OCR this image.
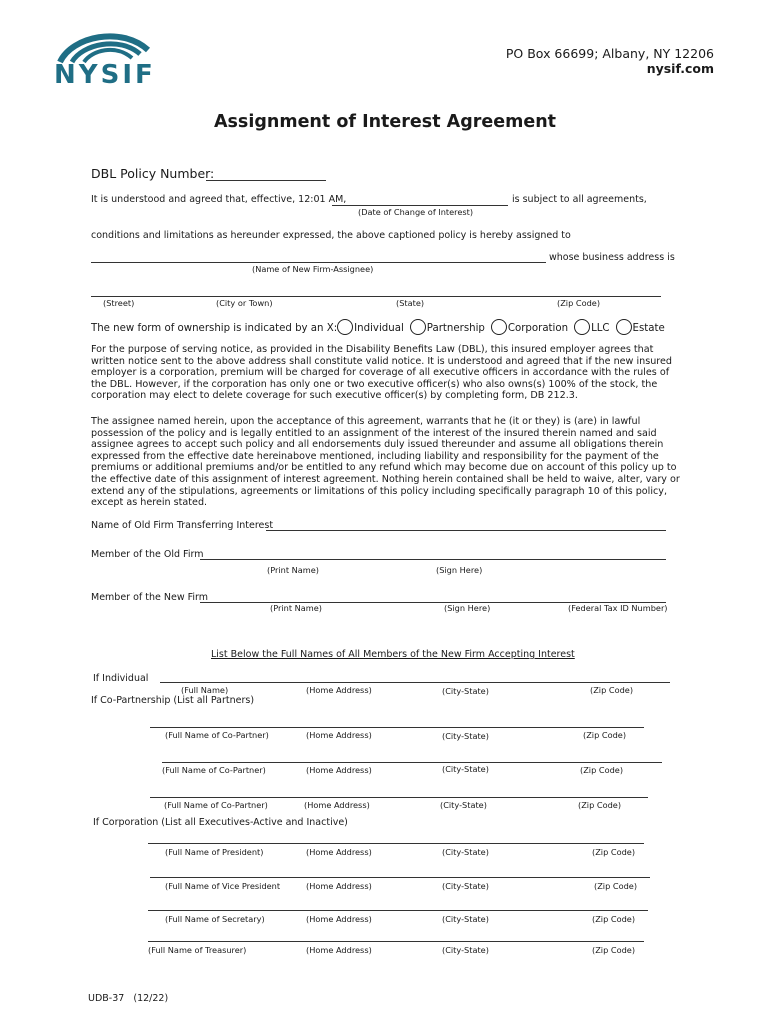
NYSIF
PO Box 66699; Albany, NY 12206
nysif.com
Assignment of Interest Agreement
DBL Policy Number:
It is understood and agreed that, effective, 12:01 AM,	is subject to all agreements,
(Date of Change of Interest)
conditions and limitations as hereunder expressed, the above captioned policy is hereby assigned to
whose business address is
(Name of New Firm-Assignee)
(Street)	(City or Town)	(State)	(Zip Code)
The new form of ownership is indicated by an X: Individual Partnership Corporation LLC Estate
For the purpose of serving notice, as provided in the Disability Benefits Law (DBL), this insured employer agrees that written notice sent to the above address shall constitute valid notice. It is understood and agreed that if the new insured employer is a corporation, premium will be charged for coverage of all executive officers in accordance with the rules of the DBL. However, if the corporation has only one or two executive officer(s) who also owns(s) 100% of the stock, the corporation may elect to delete coverage for such executive officer(s) by completing form, DB 212.3.
The assignee named herein, upon the acceptance of this agreement, warrants that he (it or they) is (are) in lawful possession of the policy and is legally entitled to an assignment of the interest of the insured therein named and said assignee agrees to accept such policy and all endorsements duly issued thereunder and assume all obligations therein expressed from the effective date hereinabove mentioned, including liability and responsibility for the payment of the premiums or additional premiums and/or be entitled to any refund which may become due on account of this policy up to the effective date of this assignment of interest agreement. Nothing herein contained shall be held to waive, alter, vary or extend any of the stipulations, agreements or limitations of this policy including specifically paragraph 10 of this policy, except as herein stated.
Name of Old Firm Transferring Interest
Member of the Old Firm
(Print Name)	(Sign Here)
Member of the New Firm
(Print Name)	(Sign Here)	(Federal Tax ID Number)
List Below the Full Names of All Members of the New Firm Accepting Interest
If Individual
(Full Name)	(Home Address)	(City-State)	(Zip Code)
If Co-Partnership (List all Partners)
(Full Name of Co-Partner)	(Home Address)	(City-State)	(Zip Code)
(Full Name of Co-Partner)	(Home Address)	(City-State)	(Zip Code)
(Full Name of Co-Partner)	(Home Address)	(City-State)	(Zip Code)
If Corporation (List all Executives-Active and Inactive)
(Full Name of President)	(Home Address)	(City-State)	(Zip Code)
(Full Name of Vice President	(Home Address)	(City-State)	(Zip Code)
(Full Name of Secretary)	(Home Address)	(City-State)	(Zip Code)
(Full Name of Treasurer)	(Home Address)	(City-State)	(Zip Code)
UDB-37 (12/22)
